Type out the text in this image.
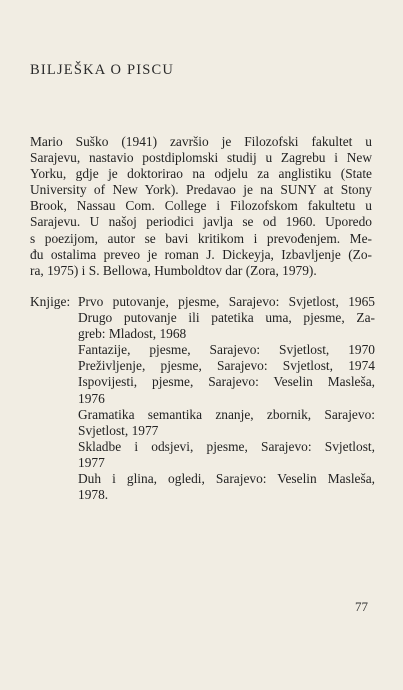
BILJEŠKA O PISCU
Mario Suško (1941) završio je Filozofski fakultet u
Sarajevu, nastavio postdiplomski studij u Zagrebu i New
Yorku, gdje je doktorirao na odjelu za anglistiku (State
University of New York). Predavao je na SUNY at Stony
Brook, Nassau Com. College i Filozofskom fakultetu u
Sarajevu. U našoj periodici javlja se od 1960. Uporedo
s poezijom, autor se bavi kritikom i prevođenjem. Me-
đu ostalima preveo je roman J. Dickeyja, Izbavljenje (Zo-
ra, 1975) i S. Bellowa, Humboldtov dar (Zora, 1979).
Knjige: Prvo putovanje, pjesme, Sarajevo: Svjetlost, 1965
Drugo putovanje ili patetika uma, pjesme, Za-
greb: Mladost, 1968
Fantazije, pjesme, Sarajevo: Svjetlost, 1970
Preživljenje, pjesme, Sarajevo: Svjetlost, 1974
Ispovijesti, pjesme, Sarajevo: Veselin Masleša,
1976
Gramatika semantika znanje, zbornik, Sarajevo:
Svjetlost, 1977
Skladbe i odsjevi, pjesme, Sarajevo: Svjetlost,
1977
Duh i glina, ogledi, Sarajevo: Veselin Masleša,
1978.
77
